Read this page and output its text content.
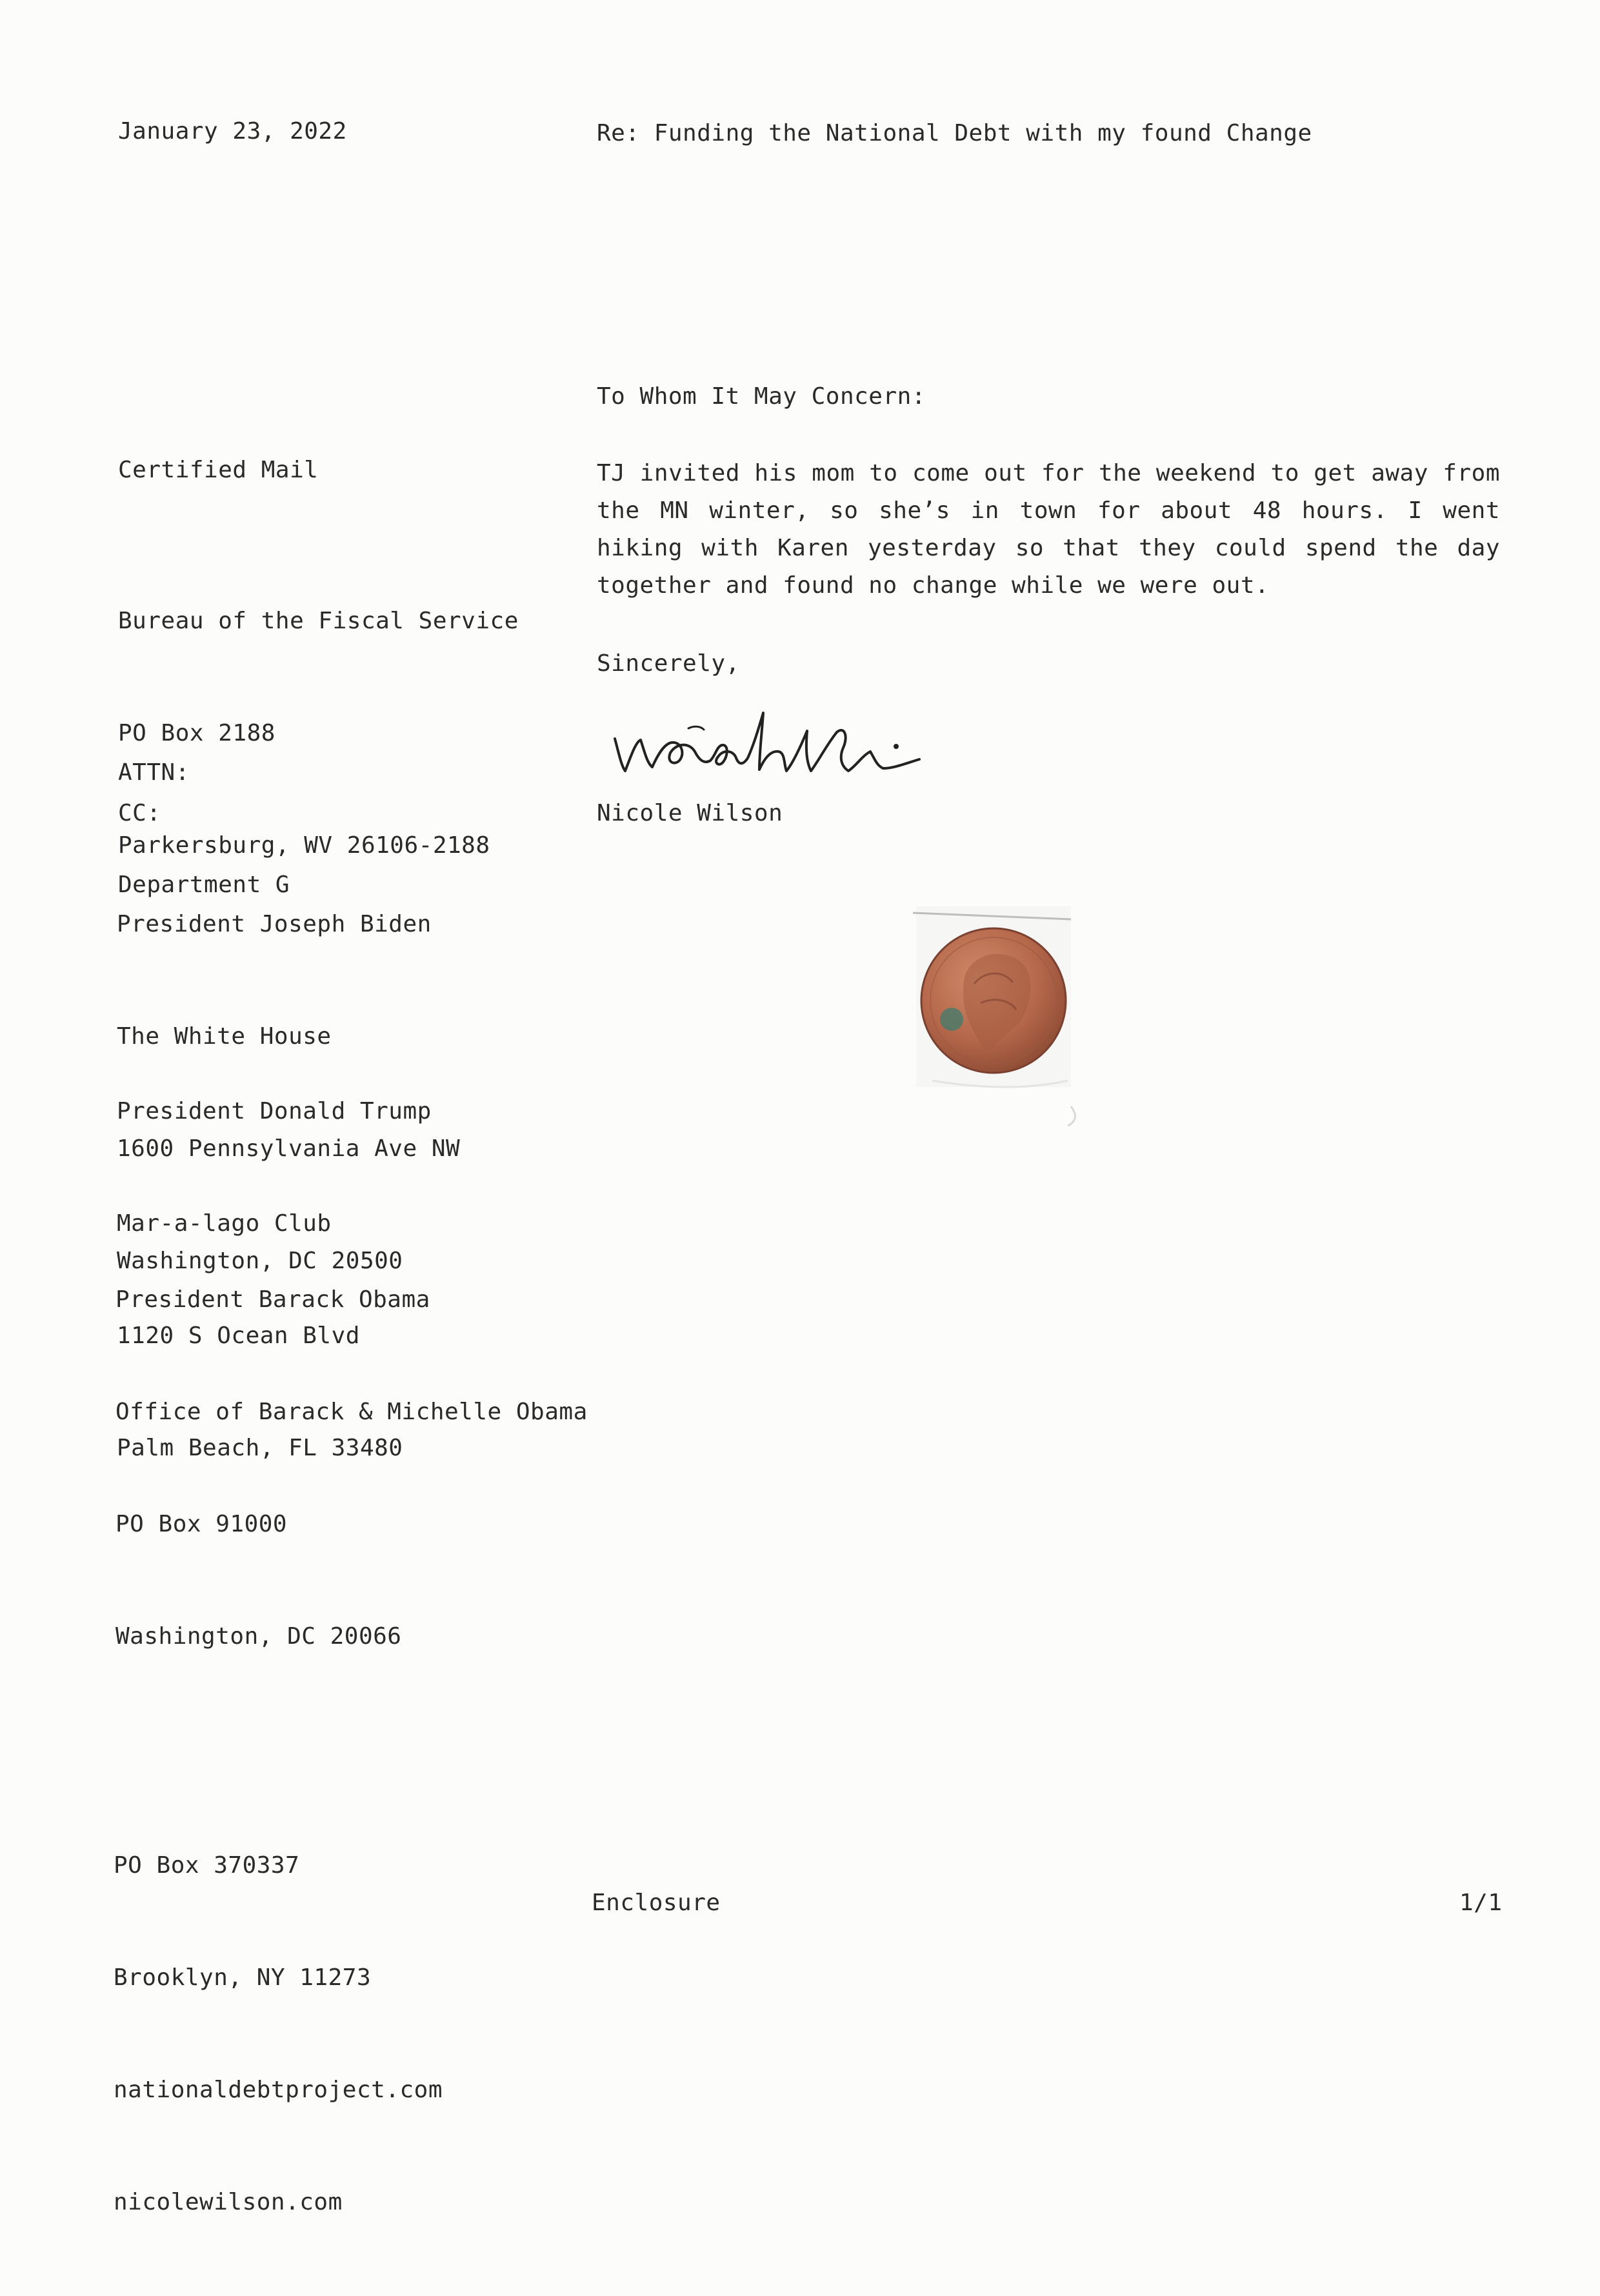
January 23, 2022	Re: Funding the National Debt with my found Change
To Whom It May Concern:
Certified Mail	TJ invited his mom to come out for the weekend to get away from the MN winter, so she’s in town for about 48 hours. I went hiking with Karen yesterday so that they could spend the day together and found no change while we were out.

Bureau of the Fiscal Service

PO Box 2188

Parkersburg, WV 26106-2188

Sincerely,

ATTN:

Department G

nicole
CC:	Nicole Wilson

President Joseph Biden

The White House

1600 Pennsylvania Ave NW

Washington, DC 20500

President Donald Trump

Mar-a-lago Club

1120 S Ocean Blvd

Palm Beach, FL 33480

President Barack Obama

Office of Barack & Michelle Obama

PO Box 91000

Washington, DC 20066

PO Box 370337

Brooklyn, NY 11273

nationaldebtproject.com

nicolewilson.com

Enclosure	1/1
